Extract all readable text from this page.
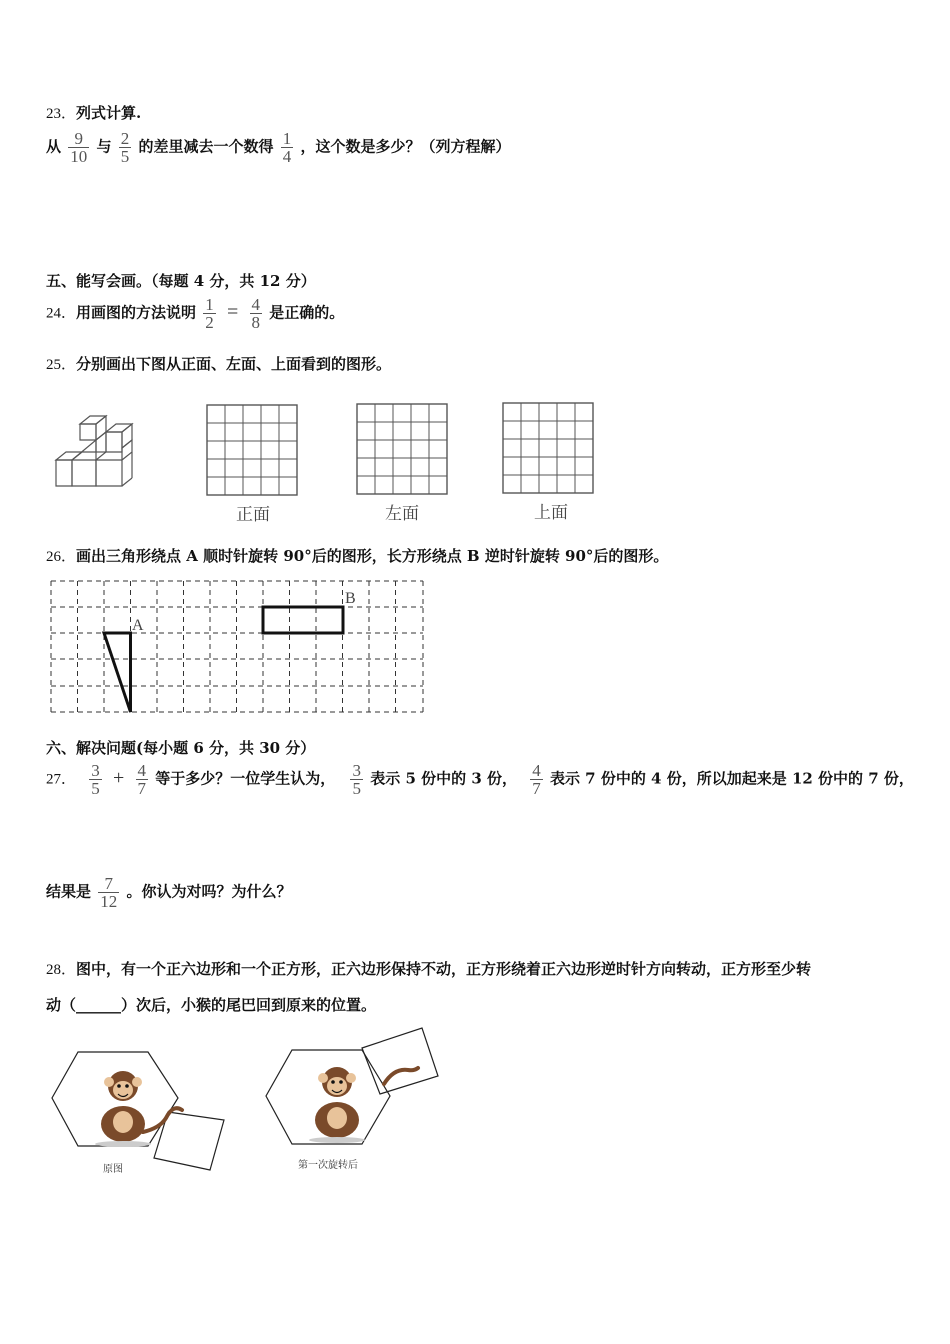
23．列式计算.
从 $\frac{9}{10}$ 与 $\frac{2}{5}$ 的差里减去一个数得 $\frac{1}{4}$ ，这个数是多少？（列方程解）
五、能写会画。（每题 4 分，共 12 分）
24．用画图的方法说明 $\frac{1}{2} = \frac{4}{8}$ 是正确的。
25．分别画出下图从正面、左面、上面看到的图形。
正面	左面	上面
26．画出三角形绕点 A 顺时针旋转 90°后的图形，长方形绕点 B 逆时针旋转 90°后的图形。
A
B
六、解决问题(每小题 6 分，共 30 分）
27． $\frac{3}{5} + \frac{4}{7}$ 等于多少？一位学生认为， $\frac{3}{5}$ 表示 5 份中的 3 份， $\frac{4}{7}$ 表示 7 份中的 4 份，所以加起来是 12 份中的 7 份，
结果是 $\frac{7}{12}$ 。你认为对吗？为什么？
28．图中，有一个正六边形和一个正方形，正六边形保持不动，正方形绕着正六边形逆时针方向转动，正方形至少转
动（______）次后，小猴的尾巴回到原来的位置。
原图	第一次旋转后
